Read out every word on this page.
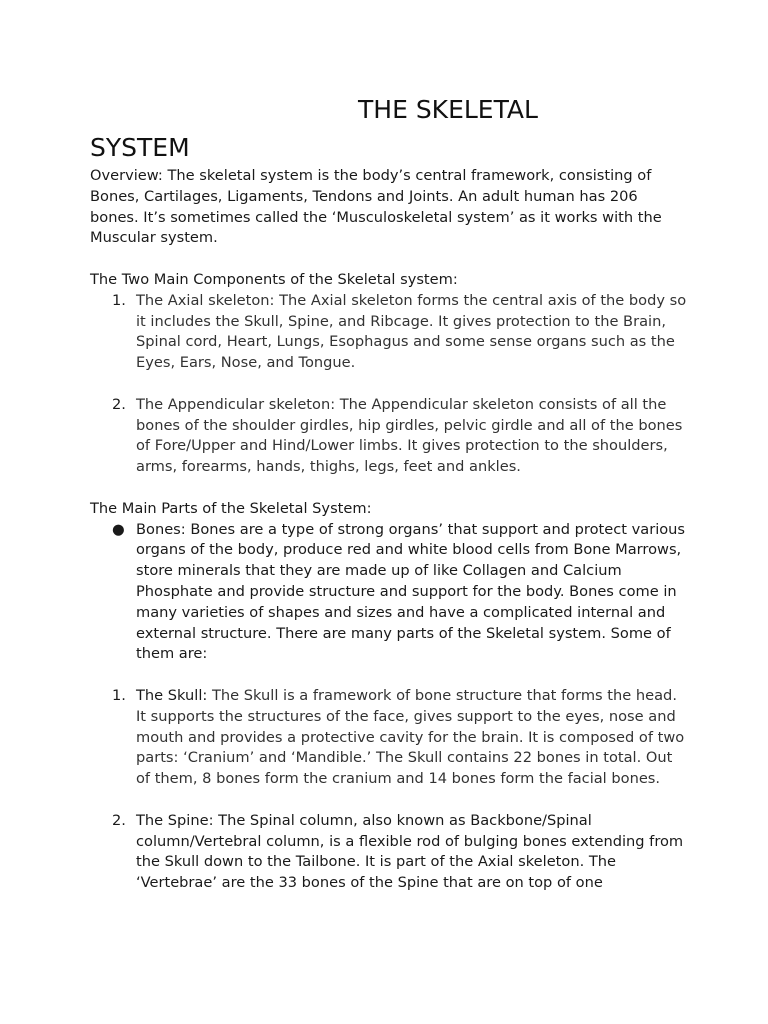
THE SKELETAL
SYSTEM

Overview: The skeletal system is the body’s central framework, consisting of Bones, Cartilages, Ligaments, Tendons and Joints. An adult human has 206 bones. It’s sometimes called the ‘Musculoskeletal system’ as it works with the Muscular system.

The Two Main Components of the Skeletal system:

1. The Axial skeleton: The Axial skeleton forms the central axis of the body so it includes the Skull, Spine, and Ribcage. It gives protection to the Brain, Spinal cord, Heart, Lungs, Esophagus and some sense organs such as the Eyes, Ears, Nose, and Tongue.

2. The Appendicular skeleton: The Appendicular skeleton consists of all the bones of the shoulder girdles, hip girdles, pelvic girdle and all of the bones of Fore/Upper and Hind/Lower limbs. It gives protection to the shoulders, arms, forearms, hands, thighs, legs, feet and ankles.

The Main Parts of the Skeletal System:

● Bones: Bones are a type of strong organs’ that support and protect various organs of the body, produce red and white blood cells from Bone Marrows, store minerals that they are made up of like Collagen and Calcium Phosphate and provide structure and support for the body. Bones come in many varieties of shapes and sizes and have a complicated internal and external structure. There are many parts of the Skeletal system. Some of them are:

1. The Skull: The Skull is a framework of bone structure that forms the head. It supports the structures of the face, gives support to the eyes, nose and mouth and provides a protective cavity for the brain. It is composed of two parts: ‘Cranium’ and ‘Mandible.’ The Skull contains 22 bones in total. Out of them, 8 bones form the cranium and 14 bones form the facial bones.

2. The Spine: The Spinal column, also known as Backbone/Spinal column/Vertebral column, is a flexible rod of bulging bones extending from the Skull down to the Tailbone. It is part of the Axial skeleton. The ‘Vertebrae’ are the 33 bones of the Spine that are on top of one
